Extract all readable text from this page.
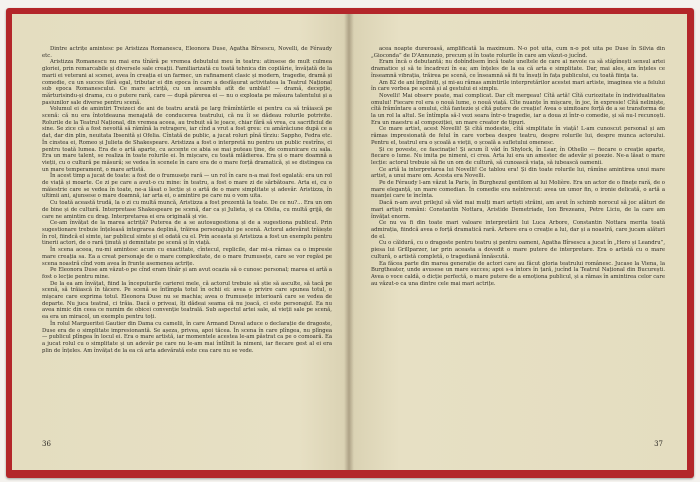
Dintre actrițe amintesc pe Aristizza Romanescu, Eleonora Duse, Agatha Bîrsescu, Novelli, de Féraudy etc.

Aristizza Romanescu nu mai era tînără pe vremea debutului meu în teatru: atinsese de mult culmea gloriei, prin remarcabile și diversele sale creații. Familiarizată cu toată tehnica din copilărie, învățată de la marii ei veterani ai scenei, avea în creația ei un farmec, un rafinament clasic și modern, tragedie, dramă și comedie, cu un succes fără egal, tributar ei din epoca în care a desfășurat activitatea la Teatrul Național sub epoca Romanescului. Ce mare actriță, cu un ansamblu atît de umblat! — dramă, decepție, mărturisindu-și drama, cu o putere rară, care — după părerea ei — nu o exploata pe măsura talentului și a pasiunilor sale diverse pentru scenă.

Volumul ei de amintiri Treizeci de ani de teatru arată pe larg frămîntările ei pentru ca să trăiască pe scenă: că nu era întotdeauna menajată de conducerea teatrului, că nu îi se dădeau rolurile potrivite. Rolurile de la Teatrul Național, din vremea aceea, au trebuit să le joace, chiar fără să vrea, cu sacrificiul de sine. Se zice că a fost nevoită să rămînă la retragere, iar cînd a vrut a fost greu: cu amărăciune după ce a dat, dar din plin, neuitata Ibsenită și Ofelia. Cîntată de public, a jucat roluri pînă tîrziu: Sappho, Fedra etc. În cinstea ei, Romeo și Julieta de Shakespeare. Aristizza a fost o interpretă nu pentru un public restrîns, ci pentru toată lumea. Era de o artă aparte, cu accente ce abia se mai puteau ține, de comunicare cu sala. Era un mare talent, se realiza în toate rolurile ei. În mișcare, cu toată mlădierea. Era și o mare doamnă a vieții, cu o cultură pe măsură; se vedea în scenele în care era de o mare forță dramatică, și se distingea ca un mare temperament, o mare artistă.

În acest timp a jucat de toate: a fost de o frumusețe rară — un rol în care n-a mai fost egalată: era un rol de viață și moarte. Ce zi pe care a avut-o cu mine: în teatru, a fost o mare zi de sărbătoare. Arta ei, cu o măiestrie care se vedea în toate, ne-a lăsat o lecție și o artă de o mare simplitate și adevăr. Aristizza, în ultimii ani, ajunsese o mare doamnă, iar arta ei, o amintire pe care nu o vom uita.

Cu toată această trudă, la o zi cu multă muncă, Aristizza a fost prezentă la toate. De ce nu?... Era un om de bine și de cultură. Interpretase Shakespeare pe scenă, dar ca și Julieta, și ca Ofelia, cu multă grijă, de care ne amintim cu drag. Interpretarea ei era originală și vie.

Ce-am învățat de la marea actriță? Puterea de a se autosugestiona și de a sugestiona publicul. Prin sugestionare trebuie înțeleasă integrarea deplină, trăirea personajului pe scenă. Actorul adevărat trăiește în rol, fiindcă el simte, iar publicul simte și el odată cu el. Prin aceasta și Aristizza a fost un exemplu pentru tinerii actori, de o rară ținută și demnitate pe scenă și în viață.

În scena aceea, nu-mi amintesc acum cu exactitate, cîntecul, replicile, dar mi-a rămas ca o impresie mare creația sa. Ea a creat personaje de o mare complexitate, de o mare frumusețe, care se vor regăsi pe scena noastră cînd vom avea în frunte asemenea actrițe.

Pe Eleonora Duse am văzut-o pe cînd eram tînăr și am avut ocazia să o cunosc personal; marea ei artă a fost o lecție pentru mine.

De la ea am învățat, fiind la începuturile carierei mele, că actorul trebuie să știe să asculte, să tacă pe scenă, să trăiască în tăcere. Pe scenă se întîmpla totul în ochii ei: avea o privire care spunea totul, o mișcare care exprima totul. Eleonora Duse nu se machia; avea o frumusețe interioară care se vedea de departe. Nu juca teatral, ci trăia. Dacă o priveai, îți dădeai seama că nu joacă, ci este personajul. Ea nu avea nimic din ceea ce numim de obicei convenție teatrală. Sub aspectul artei sale, al vieții sale pe scenă, ea era un miracol, un exemplu pentru toți.

În rolul Margueritei Gautier din Dama cu camelii, în care Armand Duval aduce o declarație de dragoste, Duse era de o simplitate impresionantă. Se așeza, privea, apoi tăcea. În scena în care plîngea, nu plîngea — publicul plîngea în locul ei. Era o mare artistă, iar momentele acestea le-am păstrat ca pe o comoară. Ea a jucat rolul cu o simplitate și un adevăr pe care nu le-am mai întîlnit la nimeni, iar fiecare gest al ei era plin de înțeles. Am învățat de la ea că arta adevărată este cea care nu se vede.

36

acea noapte dureroasă, amplificată la maximum. N-o pot uita, cum n-o pot uita pe Duse în Silvia din „Gioconda” de D'Annunzio, precum și în toate rolurile în care am văzut-o jucînd.

Eram încă o debutantă; nu dobîndisem încă toate uneltele de care ai nevoie ca să stăpînești sensul artei dramatice și să te încadrezi în ea; am înțeles de la ea că arta e simplitate. Dar, mai ales, am înțeles ce înseamnă vibrația, trăirea pe scenă, ce înseamnă să fii tu însuți în fața publicului, cu toată ființa ta.

Am 82 de ani împliniți, și mi-au rămas amintirile interpretărilor acestei mari artiste, imaginea vie a felului în care vorbea pe scenă și al gestului ei simplu.

Novelli! Mai observ poate, mai complicat. Dar cît mergeau! Cîtă artă! Cîtă curiozitate în individualitatea omului! Fiecare rol era o nouă lume, o nouă viață. Cîte nuanțe în mișcare, în joc, în expresie! Cîtă neliniște, cîtă frămîntare a omului, cîtă fantezie și cîtă putere de creație! Avea o uimitoare forță de a se transforma de la un rol la altul. Se întîmpla să-l vezi seara într-o tragedie, iar a doua zi într-o comedie, și să nu-l recunoști. Era un maestru al compoziției, un mare creator de tipuri.

Ce mare artist, acest Novelli! Și cîtă modestie, cîtă simplitate în viață! L-am cunoscut personal și am rămas impresionată de felul în care vorbea despre teatru, despre rolurile lui, despre munca actorului. Pentru el, teatrul era o școală a vieții, o școală a sufletului omenesc.

Și ce poveste, ce fascinație! Și acum îl văd în Shylock, în Lear, în Othello — fiecare o creație aparte, fiecare o lume. Nu imita pe nimeni, ci crea. Arta lui era un amestec de adevăr și poezie. Ne-a lăsat o mare lecție: actorul trebuie să fie un om de cultură, să cunoască viața, să iubească oamenii.

Ce artă la interpretarea lui Novelli! Ce tablou era! Și din toate rolurile lui, rămîne amintirea unui mare artist, a unui mare om. Acesta era Novelli.

Pe de Féraudy l-am văzut la Paris, în Burghezul gentilom al lui Molière. Era un actor de o finețe rară, de o mare eleganță, un mare comedian. În comedie era neîntrecut: avea un umor fin, o ironie delicată, o artă a nuanței care te încînta.

Dacă n-am avut prilejul să văd mai mulți mari artiști străini, am avut în schimb norocul să joc alături de mari artiști români: Constantin Nottara, Aristide Demetriade, Ion Brezeanu, Petre Liciu, de la care am învățat enorm.

Ce nu va fi din toate mari valoare interpretării lui Luca Arbore, Constantin Nottara merita toată admirația, fiindcă avea o forță dramatică rară. Arbore era o creație a lui, dar și a noastră, care jucam alături de el.

Cu o căldură, cu o dragoste pentru teatru și pentru oameni, Agatha Bîrsescu a jucat în „Hero și Leandru”, piesa lui Grillparzer, iar prin aceasta a dovedit o mare putere de interpretare. Era o artistă cu o mare cultură, o artistă completă, o tragediană înnăscută.

Ea făcea parte din marea generație de actori care au făcut gloria teatrului românesc. Jucase la Viena, la Burgtheater, unde avusese un mare succes; apoi s-a întors în țară, jucînd la Teatrul Național din București. Avea o voce caldă, o dicție perfectă, o mare putere de a emoționa publicul, și a rămas în amintirea celor care au văzut-o ca una dintre cele mai mari actrițe.

37
